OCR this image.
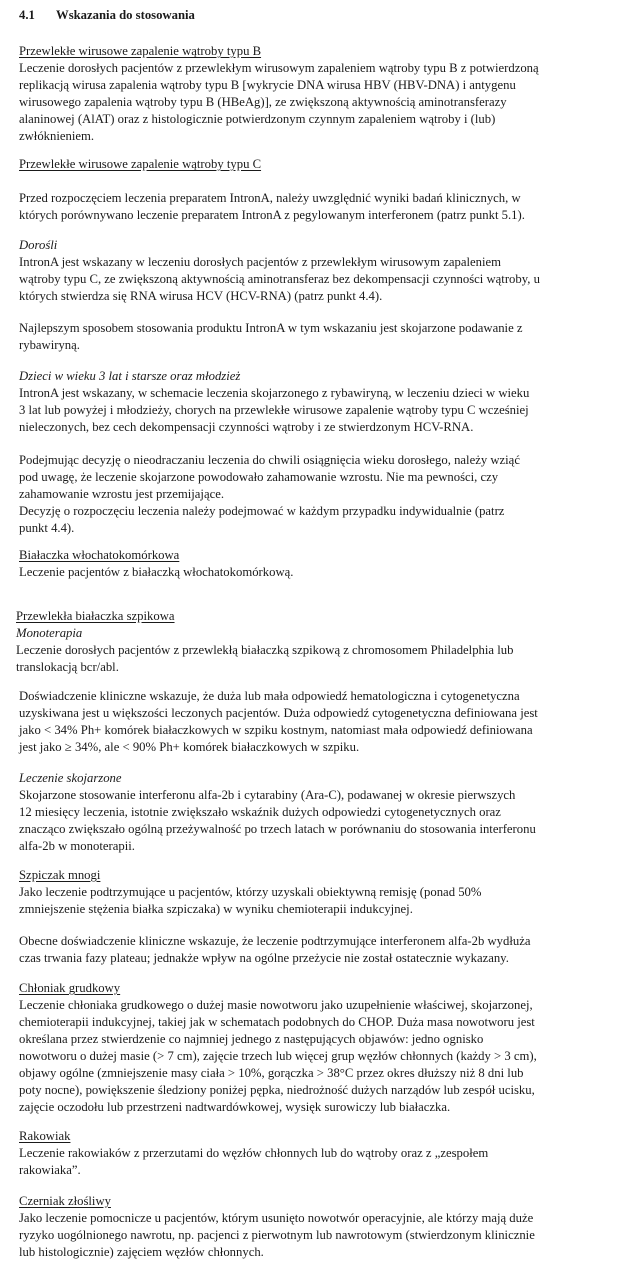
4.1 Wskazania do stosowania
Przewlekłe wirusowe zapalenie wątroby typu B
Leczenie dorosłych pacjentów z przewlekłym wirusowym zapaleniem wątroby typu B z potwierdzoną
replikacją wirusa zapalenia wątroby typu B [wykrycie DNA wirusa HBV (HBV-DNA) i antygenu
wirusowego zapalenia wątroby typu B (HBeAg)], ze zwiększoną aktywnością aminotransferazy
alaninowej (AlAT) oraz z histologicznie potwierdzonym czynnym zapaleniem wątroby i (lub)
zwłóknieniem.
Przewlekłe wirusowe zapalenie wątroby typu C
Przed rozpoczęciem leczenia preparatem IntronA, należy uwzględnić wyniki badań klinicznych, w
których porównywano leczenie preparatem IntronA z pegylowanym interferonem (patrz punkt 5.1).
Dorośli
IntronA jest wskazany w leczeniu dorosłych pacjentów z przewlekłym wirusowym zapaleniem
wątroby typu C, ze zwiększoną aktywnością aminotransferaz bez dekompensacji czynności wątroby, u
których stwierdza się RNA wirusa HCV (HCV-RNA) (patrz punkt 4.4).
Najlepszym sposobem stosowania produktu IntronA w tym wskazaniu jest skojarzone podawanie z
rybawiryną.
Dzieci w wieku 3 lat i starsze oraz młodzież
IntronA jest wskazany, w schemacie leczenia skojarzonego z rybawiryną, w leczeniu dzieci w wieku
3 lat lub powyżej i młodzieży, chorych na przewlekłe wirusowe zapalenie wątroby typu C wcześniej
nieleczonych, bez cech dekompensacji czynności wątroby i ze stwierdzonym HCV-RNA.
Podejmując decyzję o nieodraczaniu leczenia do chwili osiągnięcia wieku dorosłego, należy wziąć
pod uwagę, że leczenie skojarzone powodowało zahamowanie wzrostu. Nie ma pewności, czy
zahamowanie wzrostu jest przemijające.
Decyzję o rozpoczęciu leczenia należy podejmować w każdym przypadku indywidualnie (patrz
punkt 4.4).
Białaczka włochatokomórkowa
Leczenie pacjentów z białaczką włochatokomórkową.
Przewlekła białaczka szpikowa
Monoterapia
Leczenie dorosłych pacjentów z przewlekłą białaczką szpikową z chromosomem Philadelphia lub
translokacją bcr/abl.
Doświadczenie kliniczne wskazuje, że duża lub mała odpowiedź hematologiczna i cytogenetyczna
uzyskiwana jest u większości leczonych pacjentów. Duża odpowiedź cytogenetyczna definiowana jest
jako < 34% Ph+ komórek białaczkowych w szpiku kostnym, natomiast mała odpowiedź definiowana
jest jako ≥ 34%, ale < 90% Ph+ komórek białaczkowych w szpiku.
Leczenie skojarzone
Skojarzone stosowanie interferonu alfa-2b i cytarabiny (Ara-C), podawanej w okresie pierwszych
12 miesięcy leczenia, istotnie zwiększało wskaźnik dużych odpowiedzi cytogenetycznych oraz
znacząco zwiększało ogólną przeżywalność po trzech latach w porównaniu do stosowania interferonu
alfa-2b w monoterapii.
Szpiczak mnogi
Jako leczenie podtrzymujące u pacjentów, którzy uzyskali obiektywną remisję (ponad 50%
zmniejszenie stężenia białka szpiczaka) w wyniku chemioterapii indukcyjnej.
Obecne doświadczenie kliniczne wskazuje, że leczenie podtrzymujące interferonem alfa-2b wydłuża
czas trwania fazy plateau; jednakże wpływ na ogólne przeżycie nie został ostatecznie wykazany.
Chłoniak grudkowy
Leczenie chłoniaka grudkowego o dużej masie nowotworu jako uzupełnienie właściwej, skojarzonej,
chemioterapii indukcyjnej, takiej jak w schematach podobnych do CHOP. Duża masa nowotworu jest
określana przez stwierdzenie co najmniej jednego z następujących objawów: jedno ognisko
nowotworu o dużej masie (> 7 cm), zajęcie trzech lub więcej grup węzłów chłonnych (każdy > 3 cm),
objawy ogólne (zmniejszenie masy ciała > 10%, gorączka > 38°C przez okres dłuższy niż 8 dni lub
poty nocne), powiększenie śledziony poniżej pępka, niedrożność dużych narządów lub zespół ucisku,
zajęcie oczodołu lub przestrzeni nadtwardówkowej, wysięk surowiczy lub białaczka.
Rakowiak
Leczenie rakowiaków z przerzutami do węzłów chłonnych lub do wątroby oraz z „zespołem
rakowiaka”.
Czerniak złośliwy
Jako leczenie pomocnicze u pacjentów, którym usunięto nowotwór operacyjnie, ale którzy mają duże
ryzyko uogólnionego nawrotu, np. pacjenci z pierwotnym lub nawrotowym (stwierdzonym klinicznie
lub histologicznie) zajęciem węzłów chłonnych.
